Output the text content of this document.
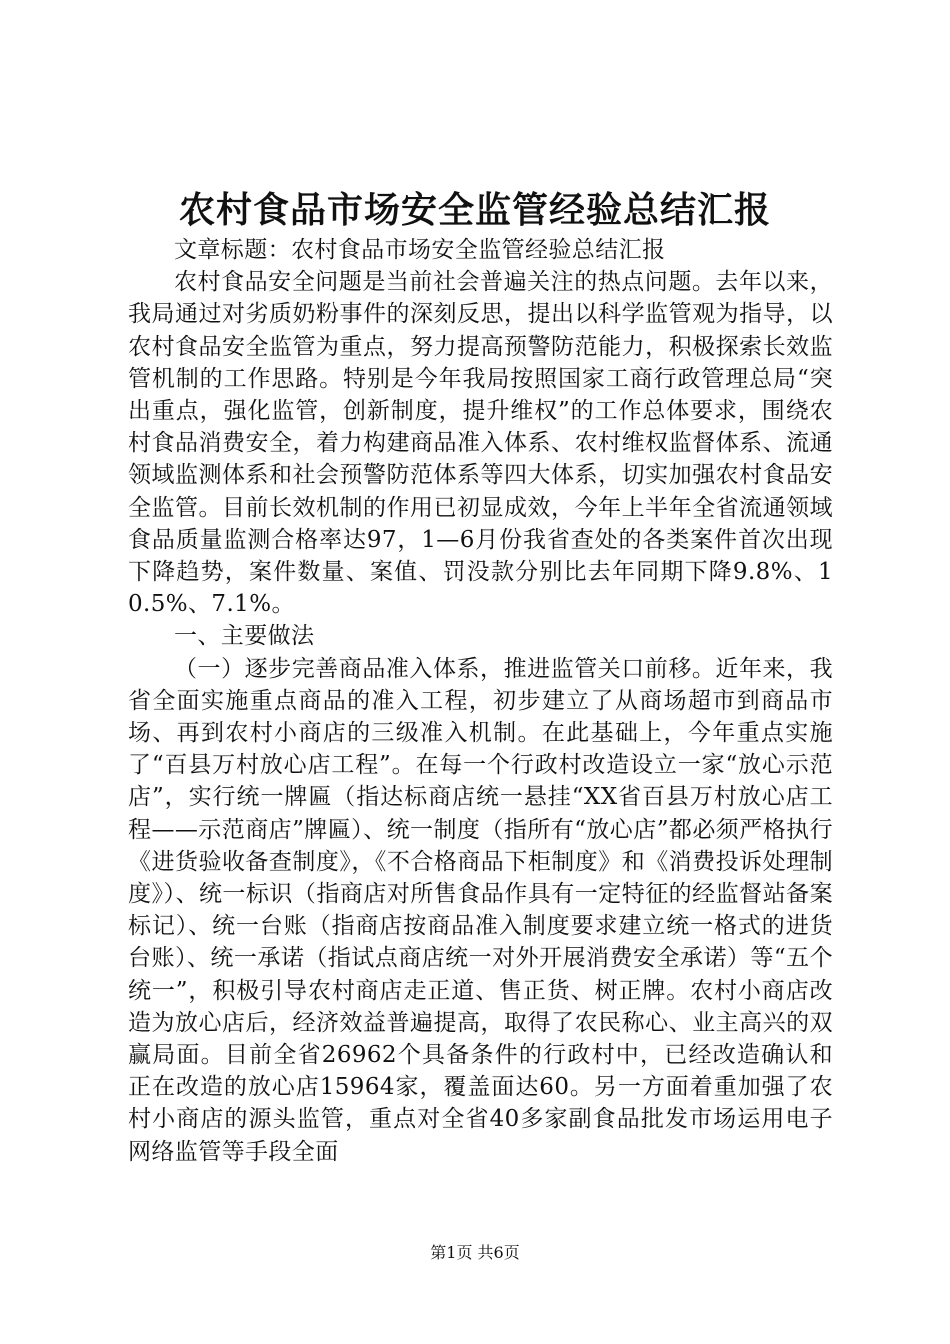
农村食品市场安全监管经验总结汇报

文章标题：农村食品市场安全监管经验总结汇报

农村食品安全问题是当前社会普遍关注的热点问题。去年以来，我局通过对劣质奶粉事件的深刻反思，提出以科学监管观为指导，以农村食品安全监管为重点，努力提高预警防范能力，积极探索长效监管机制的工作思路。特别是今年我局按照国家工商行政管理总局“突出重点，强化监管，创新制度，提升维权”的工作总体要求，围绕农村食品消费安全，着力构建商品准入体系、农村维权监督体系、流通领域监测体系和社会预警防范体系等四大体系，切实加强农村食品安全监管。目前长效机制的作用已初显成效，今年上半年全省流通领域食品质量监测合格率达97，1—6月份我省查处的各类案件首次出现下降趋势，案件数量、案值、罚没款分别比去年同期下降9.8%、10.5%、7.1%。

一、主要做法

（一）逐步完善商品准入体系，推进监管关口前移。近年来，我省全面实施重点商品的准入工程，初步建立了从商场超市到商品市场、再到农村小商店的三级准入机制。在此基础上，今年重点实施了“百县万村放心店工程”。在每一个行政村改造设立一家“放心示范店”，实行统一牌匾（指达标商店统一悬挂“XX省百县万村放心店工程——示范商店”牌匾）、统一制度（指所有“放心店”都必须严格执行《进货验收备查制度》，《不合格商品下柜制度》和《消费投诉处理制度》）、统一标识（指商店对所售食品作具有一定特征的经监督站备案标记）、统一台账（指商店按商品准入制度要求建立统一格式的进货台账）、统一承诺（指试点商店统一对外开展消费安全承诺）等“五个统一”，积极引导农村商店走正道、售正货、树正牌。农村小商店改造为放心店后，经济效益普遍提高，取得了农民称心、业主高兴的双赢局面。目前全省26962个具备条件的行政村中，已经改造确认和正在改造的放心店15964家，覆盖面达60。另一方面着重加强了农村小商店的源头监管，重点对全省40多家副食品批发市场运用电子网络监管等手段全面

第1页 共6页
